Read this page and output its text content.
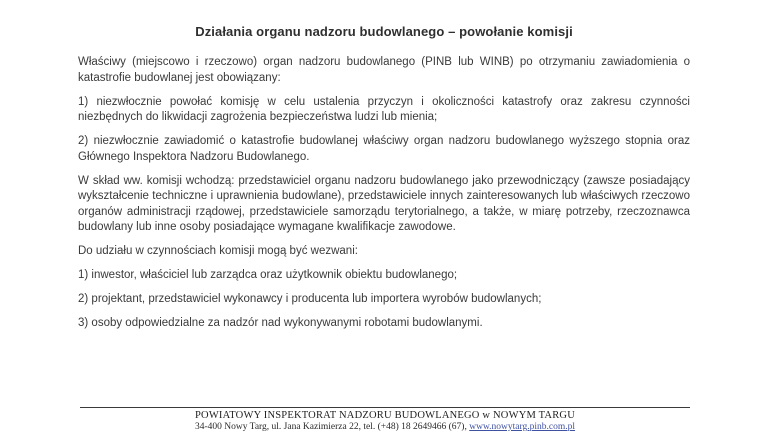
Działania organu nadzoru budowlanego – powołanie komisji

Właściwy (miejscowo i rzeczowo) organ nadzoru budowlanego (PINB lub WINB) po otrzymaniu zawiadomienia o katastrofie budowlanej jest obowiązany:

1) niezwłocznie powołać komisję w celu ustalenia przyczyn i okoliczności katastrofy oraz zakresu czynności niezbędnych do likwidacji zagrożenia bezpieczeństwa ludzi lub mienia;

2) niezwłocznie zawiadomić o katastrofie budowlanej właściwy organ nadzoru budowlanego wyższego stopnia oraz Głównego Inspektora Nadzoru Budowlanego.

W skład ww. komisji wchodzą: przedstawiciel organu nadzoru budowlanego jako przewodniczący (zawsze posiadający wykształcenie techniczne i uprawnienia budowlane), przedstawiciele innych zainteresowanych lub właściwych rzeczowo organów administracji rządowej, przedstawiciele samorządu terytorialnego, a także, w miarę potrzeby, rzeczoznawca budowlany lub inne osoby posiadające wymagane kwalifikacje zawodowe.

Do udziału w czynnościach komisji mogą być wezwani:

1) inwestor, właściciel lub zarządca oraz użytkownik obiektu budowlanego;

2) projektant, przedstawiciel wykonawcy i producenta lub importera wyrobów budowlanych;

3) osoby odpowiedzialne za nadzór nad wykonywanymi robotami budowlanymi.

POWIATOWY INSPEKTORAT NADZORU BUDOWLANEGO w NOWYM TARGU
34-400 Nowy Targ, ul. Jana Kazimierza 22, tel. (+48) 18 2649466 (67), www.nowytarg.pinb.com.pl
